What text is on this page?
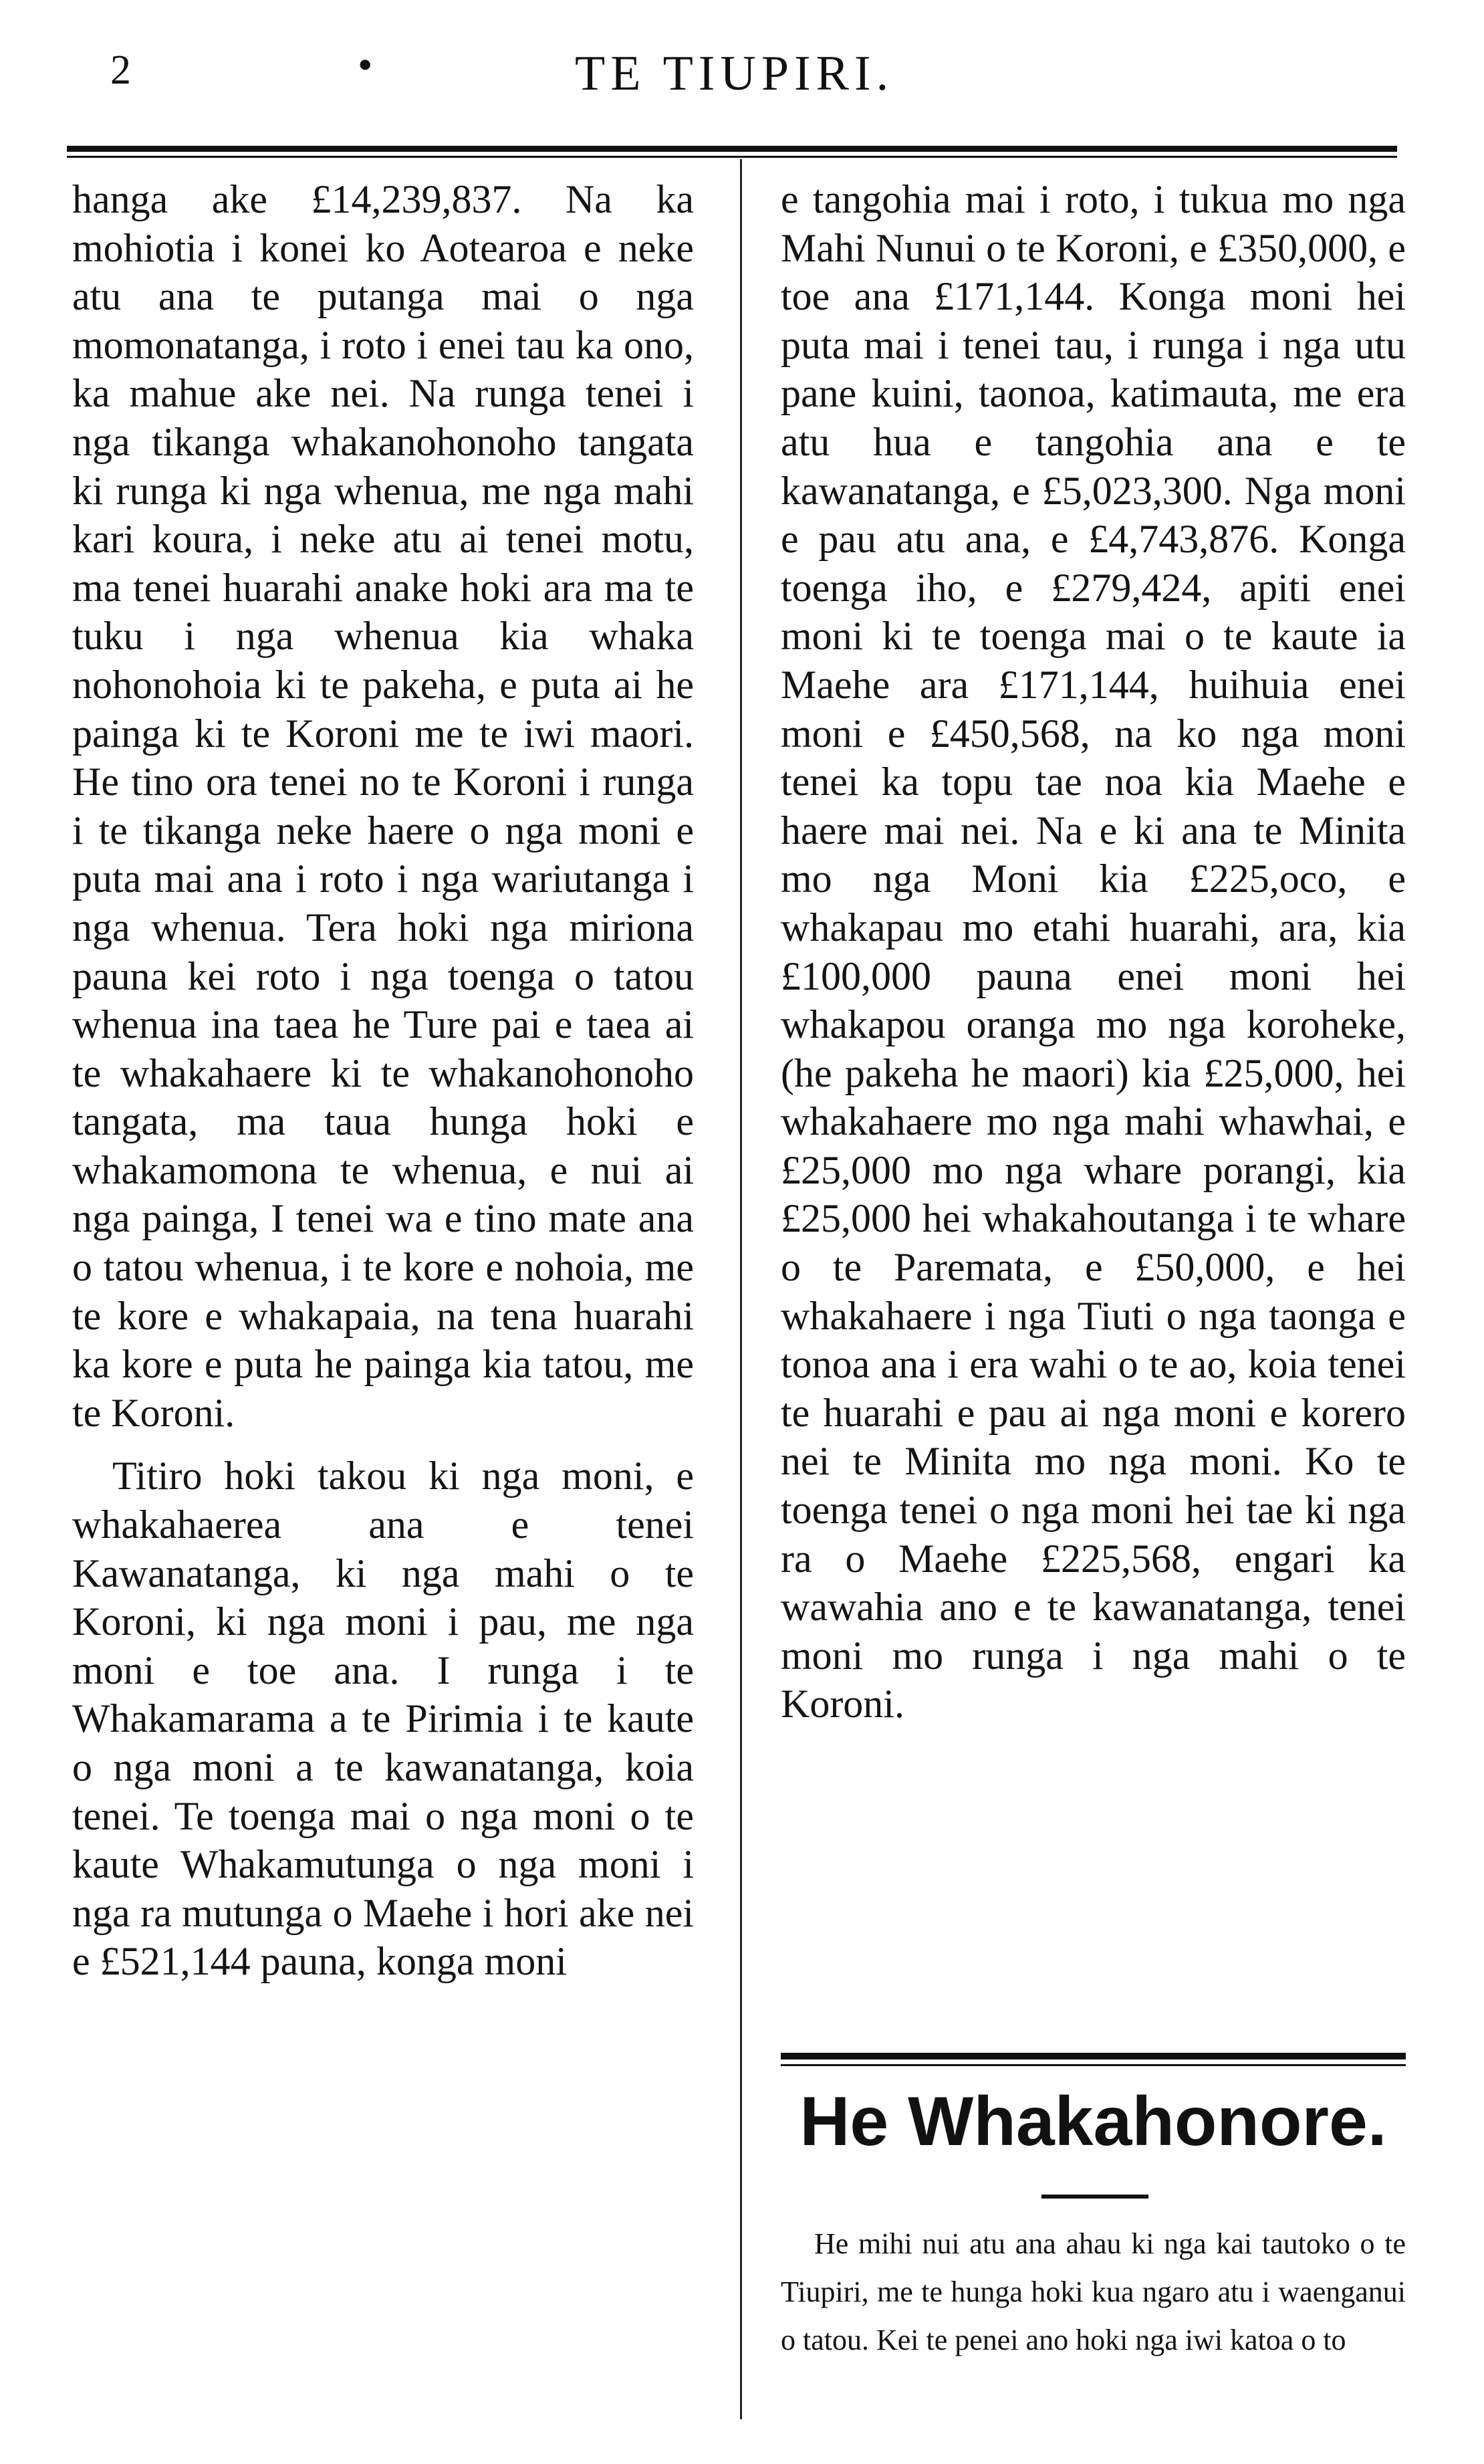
2	•	TE TIUPIRI.

hanga ake £14,239,837. Na ka mohiotia i konei ko Aotearoa e neke atu ana te putanga mai o nga momonatanga, i roto i enei tau ka ono, ka mahue ake nei. Na runga tenei i nga tikanga whakanohonoho tangata ki runga ki nga whenua, me nga mahi kari koura, i neke atu ai tenei motu, ma tenei huarahi anake hoki ara ma te tuku i nga whenua kia whaka nohonohoia ki te pakeha, e puta ai he painga ki te Koroni me te iwi maori. He tino ora tenei no te Koroni i runga i te tikanga neke haere o nga moni e puta mai ana i roto i nga wariutanga i nga whenua. Tera hoki nga miriona pauna kei roto i nga toenga o tatou whenua ina taea he Ture pai e taea ai te whakahaere ki te whakanohonoho tangata, ma taua hunga hoki e whakamomona te whenua, e nui ai nga painga, I tenei wa e tino mate ana o tatou whenua, i te kore e nohoia, me te kore e whakapaia, na tena huarahi ka kore e puta he painga kia tatou, me te Koroni.

Titiro hoki takou ki nga moni, e whakahaerea ana e tenei Kawanatanga, ki nga mahi o te Koroni, ki nga moni i pau, me nga moni e toe ana. I runga i te Whakamarama a te Pirimia i te kaute o nga moni a te kawanatanga, koia tenei. Te toenga mai o nga moni o te kaute Whakamutunga o nga moni i nga ra mutunga o Maehe i hori ake nei e £521,144 pauna, konga moni

e tangohia mai i roto, i tukua mo nga Mahi Nunui o te Koroni, e £350,000, e toe ana £171,144. Konga moni hei puta mai i tenei tau, i runga i nga utu pane kuini, taonoa, katimauta, me era atu hua e tangohia ana e te kawanatanga, e £5,023,300. Nga moni e pau atu ana, e £4,743,876. Konga toenga iho, e £279,424, apiti enei moni ki te toenga mai o te kaute ia Maehe ara £171,144, huihuia enei moni e £450,568, na ko nga moni tenei ka topu tae noa kia Maehe e haere mai nei. Na e ki ana te Minita mo nga Moni kia £225,oco, e whakapau mo etahi huarahi, ara, kia £100,000 pauna enei moni hei whakapou oranga mo nga koroheke, (he pakeha he maori) kia £25,000, hei whakahaere mo nga mahi whawhai, e £25,000 mo nga whare porangi, kia £25,000 hei whakahoutanga i te whare o te Paremata, e £50,000, e hei whakahaere i nga Tiuti o nga taonga e tonoa ana i era wahi o te ao, koia tenei te huarahi e pau ai nga moni e korero nei te Minita mo nga moni. Ko te toenga tenei o nga moni hei tae ki nga ra o Maehe £225,568, engari ka wawahia ano e te kawanatanga, tenei moni mo runga i nga mahi o te Koroni.

He Whakahonore.
He mihi nui atu ana ahau ki nga kai tautoko o te Tiupiri, me te hunga hoki kua ngaro atu i waenganui o tatou. Kei te penei ano hoki nga iwi katoa o to
